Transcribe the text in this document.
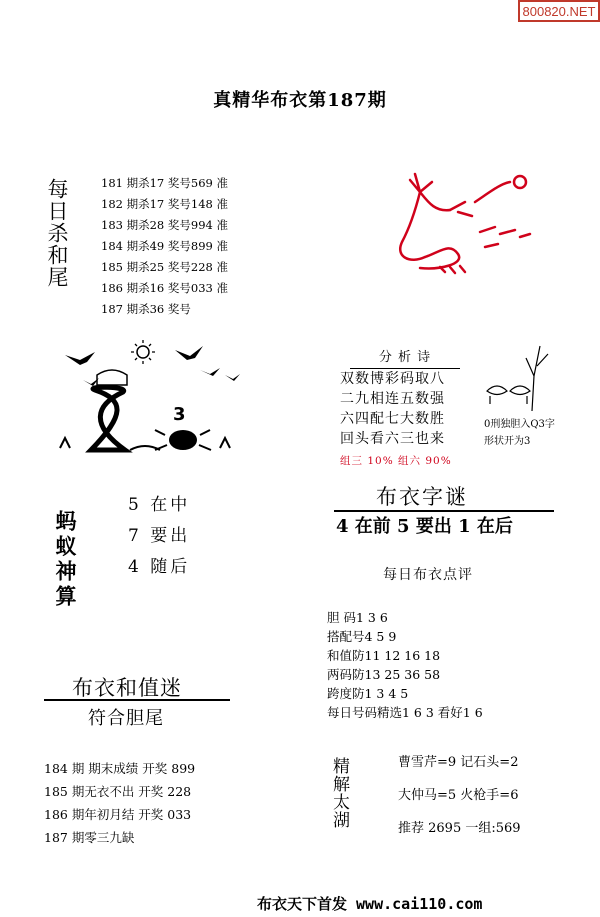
800820.NET
真精华布衣第187期
每日杀和尾	181 期杀17 奖号569 准
182 期杀17 奖号148 准
183 期杀28 奖号994 准
184 期杀49 奖号899 准
185 期杀25 奖号228 准
186 期杀16 奖号033 准
187 期杀36 奖号
3
分 析 诗
双数博彩码取八
二九相连五数强
六四配七大数胜
回头看六三也来
组三 10% 组六 90%
0刑独胆入Q3字
形状开为3
蚂蚁神算
5 在中
7 要出
4 随后
布衣字谜
4 在前 5 要出 1 在后
每日布衣点评
胆 码1 3 6
搭配号4 5 9
和值防11 12 16 18
两码防13 25 36 58
跨度防1 3 4 5
每日号码精选1 6 3 看好1 6
布衣和值迷
符合胆尾
184 期 期末成绩 开奖 899
185 期无衣不出 开奖 228
186 期年初月结 开奖 033
187 期零三九缺
精解太湖	曹雪芹=9 记石头=2
大仲马=5 火枪手=6
推荐 2695 一组:569
布衣天下首发 www.cai110.com
